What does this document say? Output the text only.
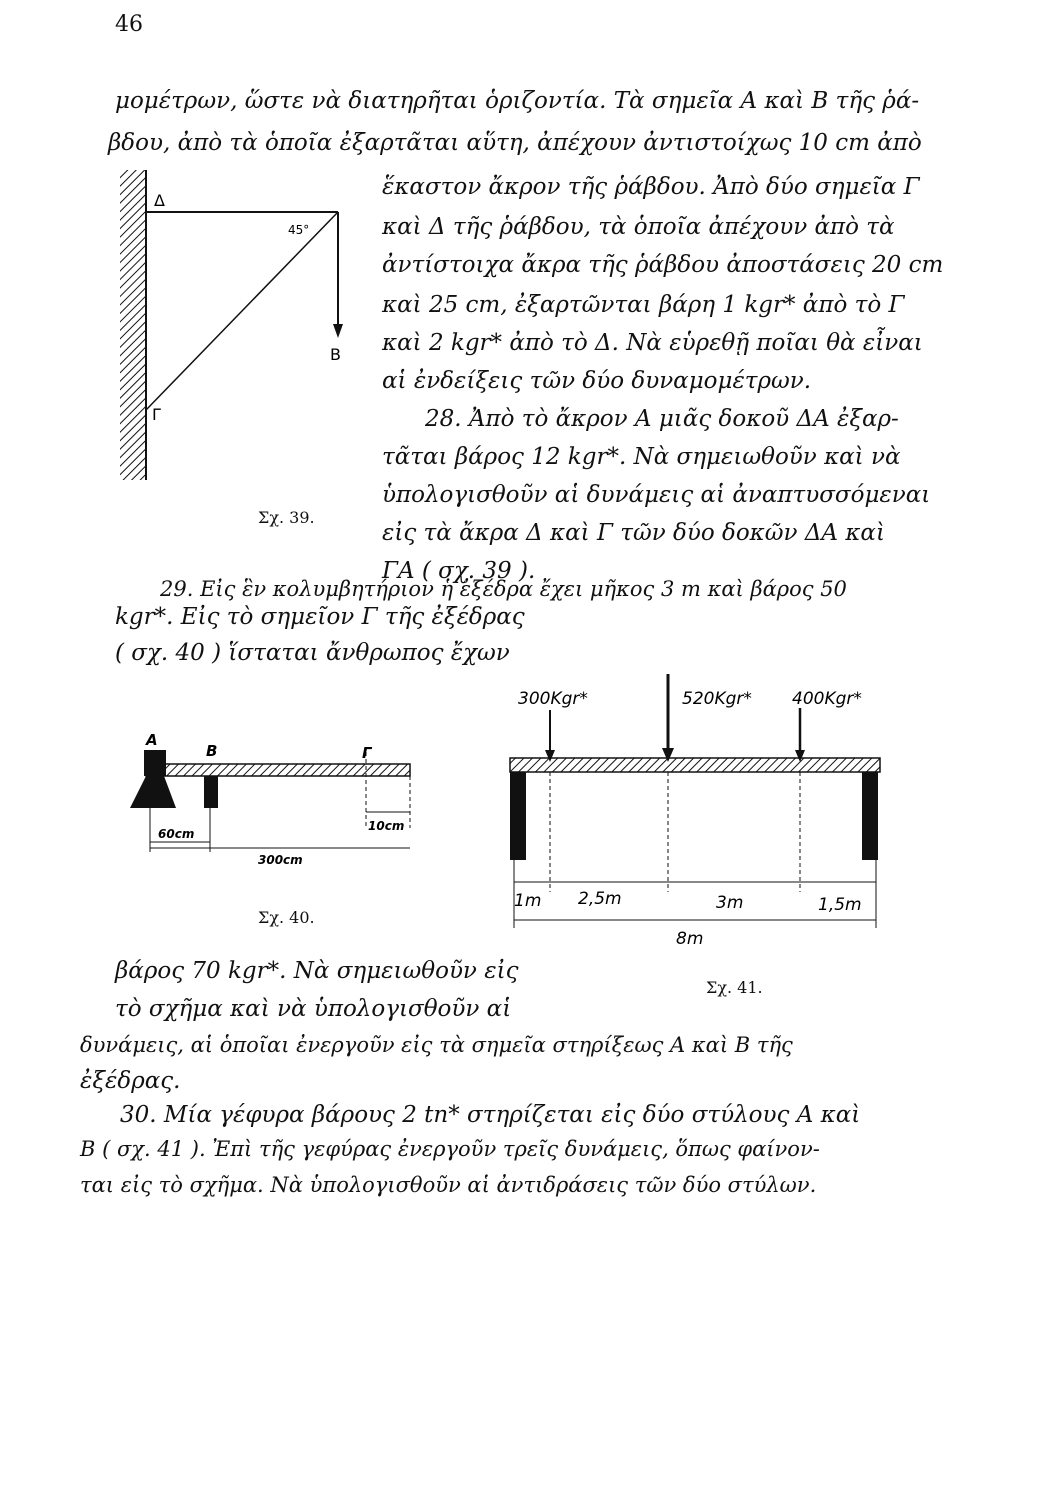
46
μομέτρων, ὥστε νὰ διατηρῆται ὁριζοντία. Τὰ σημεῖα Α καὶ Β τῆς ῥά-
βδου, ἀπὸ τὰ ὁποῖα ἐξαρτᾶται αὕτη, ἀπέχουν ἀντιστοίχως 10 cm ἀπὸ
ἕκαστον ἄκρον τῆς ῥάβδου. Ἀπὸ δύο σημεῖα Γ
καὶ Δ τῆς ῥάβδου, τὰ ὁποῖα ἀπέχουν ἀπὸ τὰ
ἀντίστοιχα ἄκρα τῆς ῥάβδου ἀποστάσεις 20 cm
καὶ 25 cm, ἐξαρτῶνται βάρη 1 kgr* ἀπὸ τὸ Γ
καὶ 2 kgr* ἀπὸ τὸ Δ. Νὰ εὑρεθῇ ποῖαι θὰ εἶναι
αἱ ἐνδείξεις τῶν δύο δυναμομέτρων.
28. Ἀπὸ τὸ ἄκρον Α μιᾶς δοκοῦ ΔΑ ἐξαρ-
τᾶται βάρος 12 kgr*. Νὰ σημειωθοῦν καὶ νὰ
ὑπολογισθοῦν αἱ δυνάμεις αἱ ἀναπτυσσόμεναι
εἰς τὰ ἄκρα Δ καὶ Γ τῶν δύο δοκῶν ΔΑ καὶ
ΓΑ ( σχ. 39 ).
29. Εἰς ἓν κολυμβητήριον ἡ ἐξέδρα ἔχει μῆκος 3 m καὶ βάρος 50
kgr*. Εἰς τὸ σημεῖον Γ τῆς ἐξέδρας
( σχ. 40 ) ἵσταται ἄνθρωπος ἔχων
βάρος 70 kgr*. Νὰ σημειωθοῦν εἰς
τὸ σχῆμα καὶ νὰ ὑπολογισθοῦν αἱ
δυνάμεις, αἱ ὁποῖαι ἐνεργοῦν εἰς τὰ σημεῖα στηρίξεως Α καὶ Β τῆς
ἐξέδρας.
30. Μία γέφυρα βάρους 2 tn* στηρίζεται εἰς δύο στύλους Α καὶ
Β ( σχ. 41 ). Ἐπὶ τῆς γεφύρας ἐνεργοῦν τρεῖς δυνάμεις, ὅπως φαίνον-
ται εἰς τὸ σχῆμα. Νὰ ὑπολογισθοῦν αἱ ἀντιδράσεις τῶν δύο στύλων.
Σχ. 39.
Σχ. 40.
Σχ. 41.
Δ
Γ
B
45°
A
B	Γ
60cm
10cm
300cm
300Kgr*	520Kgr* 400Kgr*
1m 2,5m	3m	1,5m
8m
